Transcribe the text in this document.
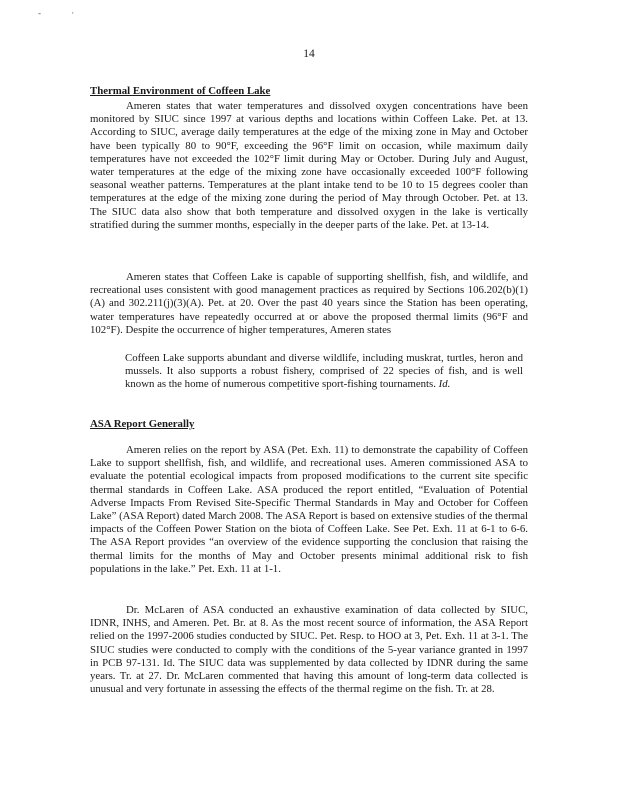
- ·
14
Thermal Environment of Coffeen Lake
Ameren states that water temperatures and dissolved oxygen concentrations have been monitored by SIUC since 1997 at various depths and locations within Coffeen Lake. Pet. at 13. According to SIUC, average daily temperatures at the edge of the mixing zone in May and October have been typically 80 to 90°F, exceeding the 96°F limit on occasion, while maximum daily temperatures have not exceeded the 102°F limit during May or October. During July and August, water temperatures at the edge of the mixing zone have occasionally exceeded 100°F following seasonal weather patterns. Temperatures at the plant intake tend to be 10 to 15 degrees cooler than temperatures at the edge of the mixing zone during the period of May through October. Pet. at 13. The SIUC data also show that both temperature and dissolved oxygen in the lake is vertically stratified during the summer months, especially in the deeper parts of the lake. Pet. at 13-14.
Ameren states that Coffeen Lake is capable of supporting shellfish, fish, and wildlife, and recreational uses consistent with good management practices as required by Sections 106.202(b)(1)(A) and 302.211(j)(3)(A). Pet. at 20. Over the past 40 years since the Station has been operating, water temperatures have repeatedly occurred at or above the proposed thermal limits (96°F and 102°F). Despite the occurrence of higher temperatures, Ameren states
Coffeen Lake supports abundant and diverse wildlife, including muskrat, turtles, heron and mussels. It also supports a robust fishery, comprised of 22 species of fish, and is well known as the home of numerous competitive sport-fishing tournaments. Id.
ASA Report Generally
Ameren relies on the report by ASA (Pet. Exh. 11) to demonstrate the capability of Coffeen Lake to support shellfish, fish, and wildlife, and recreational uses. Ameren commissioned ASA to evaluate the potential ecological impacts from proposed modifications to the current site specific thermal standards in Coffeen Lake. ASA produced the report entitled, “Evaluation of Potential Adverse Impacts From Revised Site-Specific Thermal Standards in May and October for Coffeen Lake” (ASA Report) dated March 2008. The ASA Report is based on extensive studies of the thermal impacts of the Coffeen Power Station on the biota of Coffeen Lake. See Pet. Exh. 11 at 6-1 to 6-6. The ASA Report provides “an overview of the evidence supporting the conclusion that raising the thermal limits for the months of May and October presents minimal additional risk to fish populations in the lake.” Pet. Exh. 11 at 1-1.
Dr. McLaren of ASA conducted an exhaustive examination of data collected by SIUC, IDNR, INHS, and Ameren. Pet. Br. at 8. As the most recent source of information, the ASA Report relied on the 1997-2006 studies conducted by SIUC. Pet. Resp. to HOO at 3, Pet. Exh. 11 at 3-1. The SIUC studies were conducted to comply with the conditions of the 5-year variance granted in 1997 in PCB 97-131. Id. The SIUC data was supplemented by data collected by IDNR during the same years. Tr. at 27. Dr. McLaren commented that having this amount of long-term data collected is unusual and very fortunate in assessing the effects of the thermal regime on the fish. Tr. at 28.
